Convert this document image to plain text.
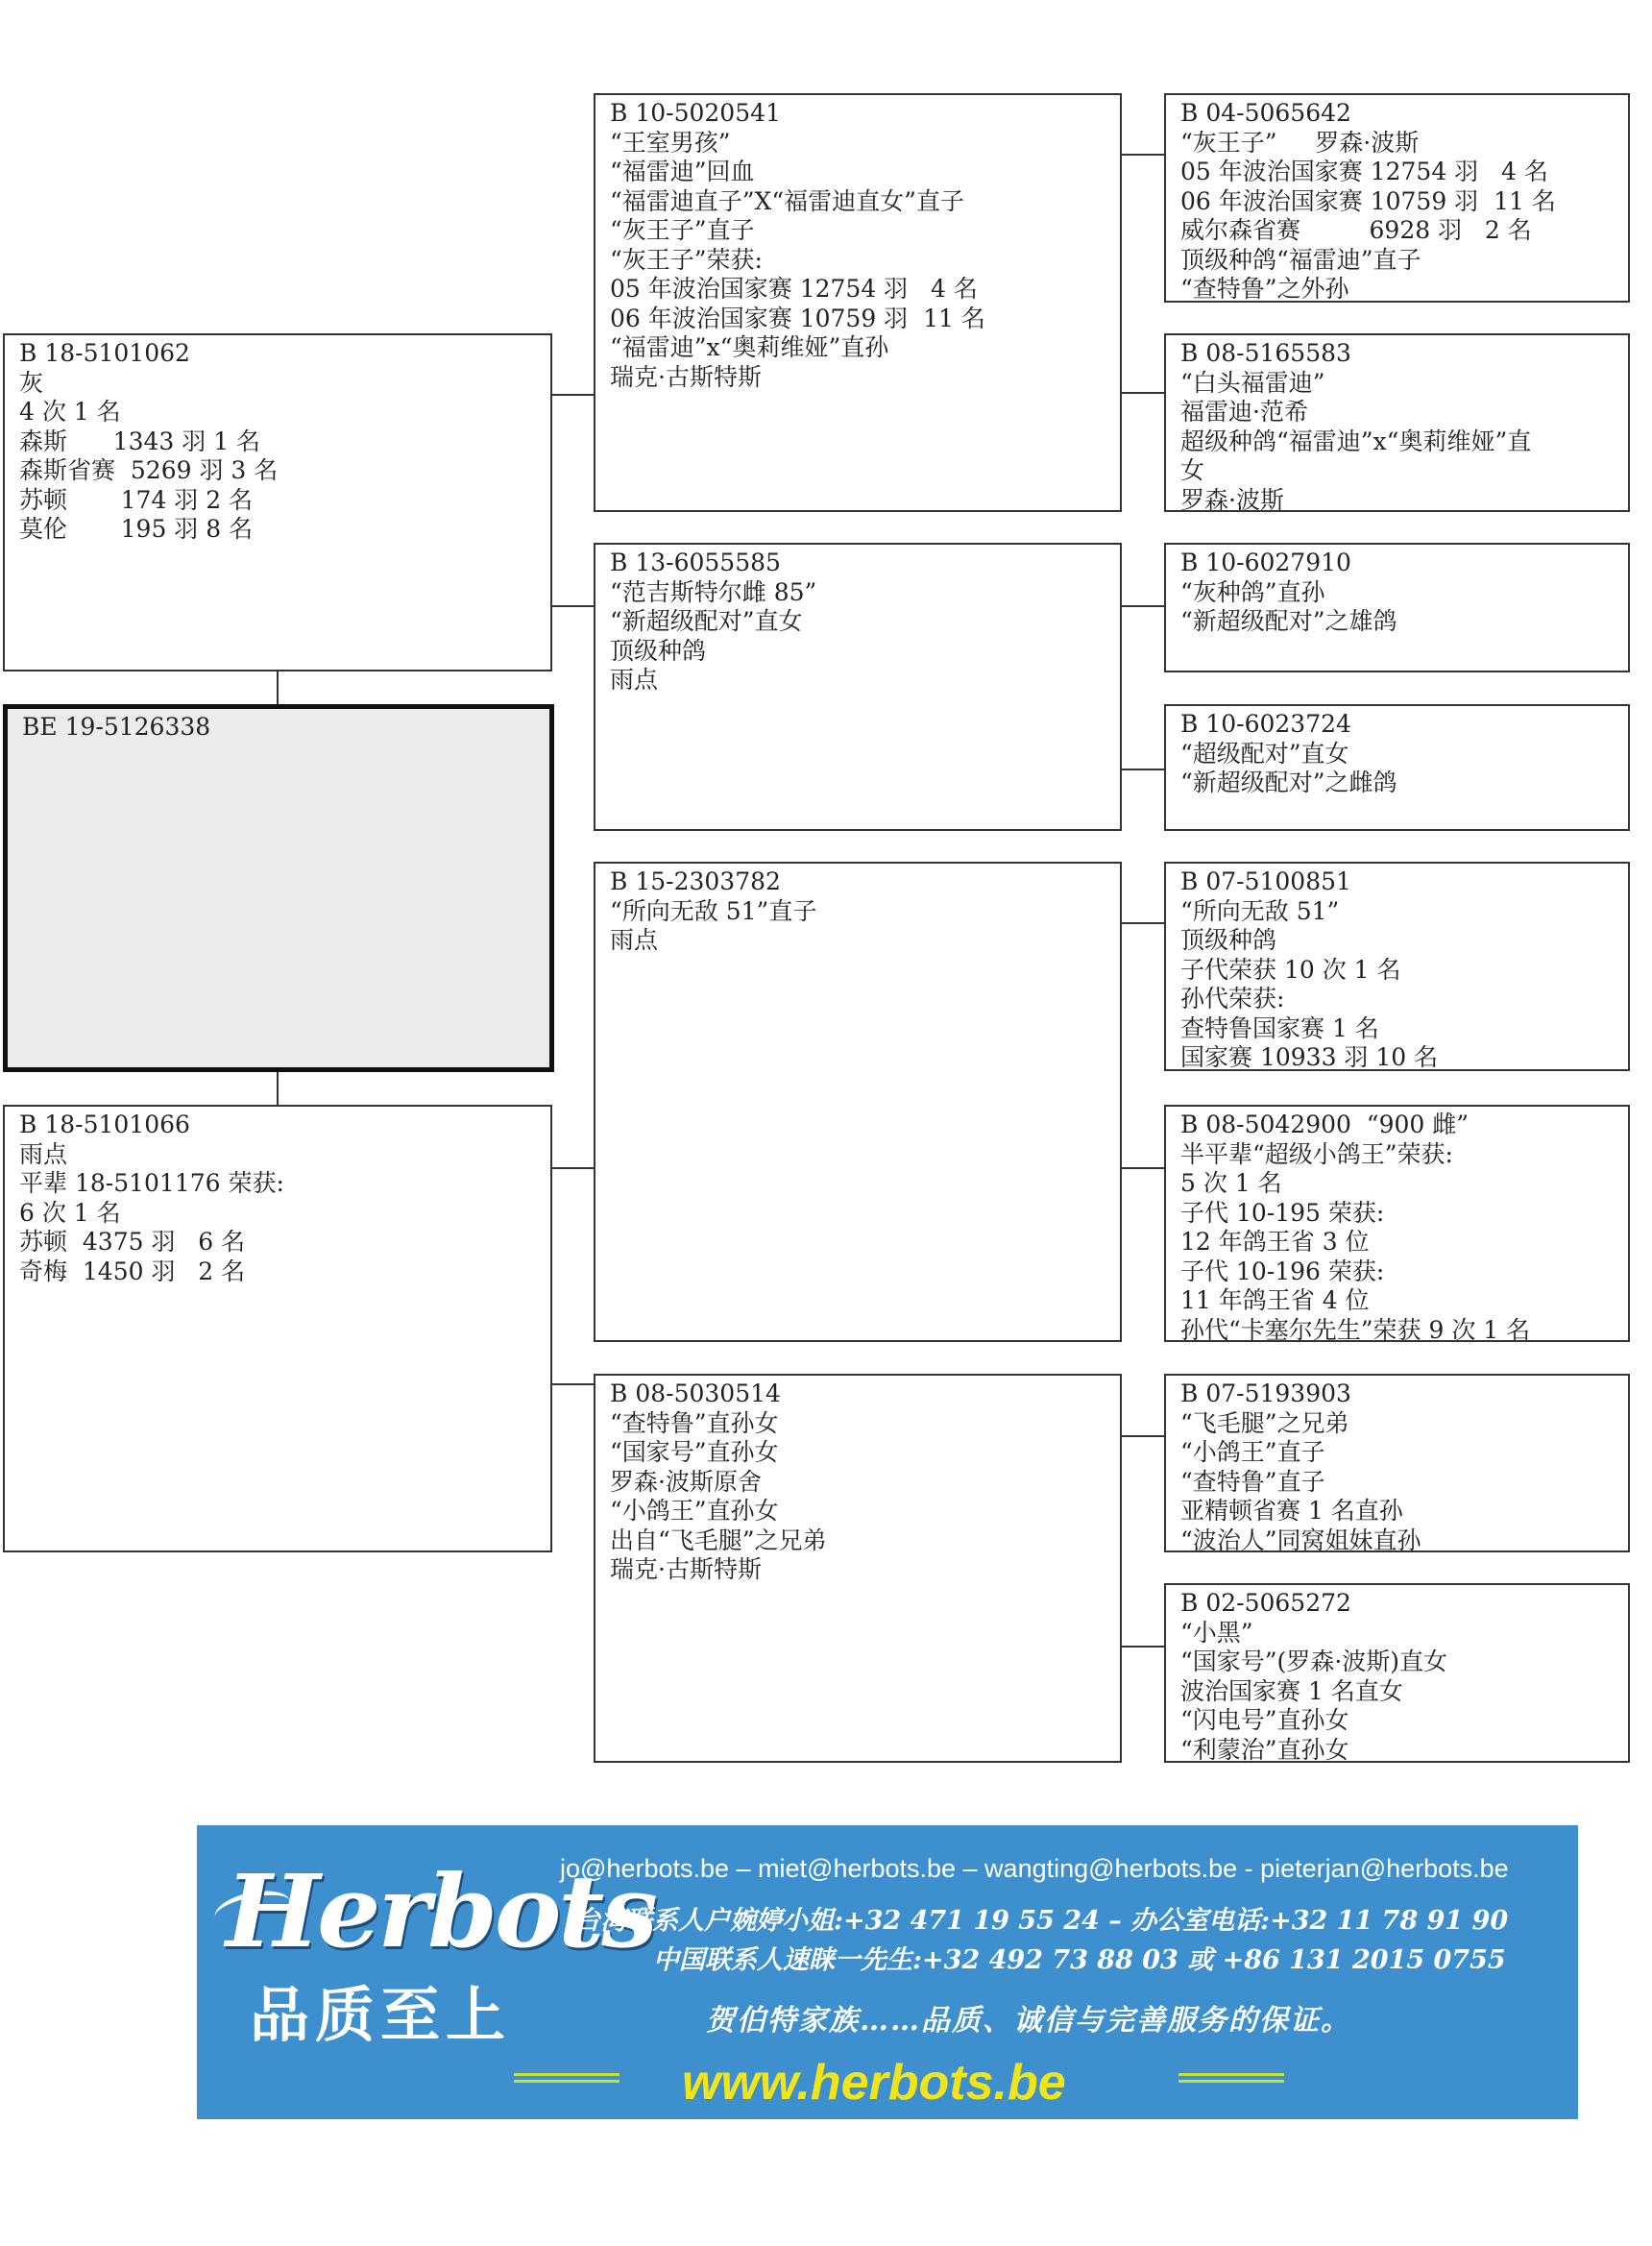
B 18-5101062
灰
4 次 1 名
森斯      1343 羽 1 名
森斯省赛  5269 羽 3 名
苏顿       174 羽 2 名
莫伦       195 羽 8 名
BE 19-5126338
B 18-5101066
雨点
平辈 18-5101176 荣获:
6 次 1 名
苏顿  4375 羽   6 名
奇梅  1450 羽   2 名
B 10-5020541
“王室男孩”
“福雷迪”回血
“福雷迪直子”X“福雷迪直女”直子
“灰王子”直子
“灰王子”荣获:
05 年波治国家赛 12754 羽   4 名
06 年波治国家赛 10759 羽  11 名
“福雷迪”x“奥莉维娅”直孙
瑞克·古斯特斯
B 13-6055585
“范吉斯特尔雌 85”
“新超级配对”直女
顶级种鸽
雨点
B 15-2303782
“所向无敌 51”直子
雨点
B 08-5030514
“查特鲁”直孙女
“国家号”直孙女
罗森·波斯原舍
“小鸽王”直孙女
出自“飞毛腿”之兄弟
瑞克·古斯特斯
B 04-5065642
“灰王子”     罗森·波斯
05 年波治国家赛 12754 羽   4 名
06 年波治国家赛 10759 羽  11 名
威尔森省赛         6928 羽   2 名
顶级种鸽“福雷迪”直子
“查特鲁”之外孙
B 08-5165583
“白头福雷迪”
福雷迪·范希
超级种鸽“福雷迪”x“奥莉维娅”直
女
罗森·波斯
B 10-6027910
“灰种鸽”直孙
“新超级配对”之雄鸽
B 10-6023724
“超级配对”直女
“新超级配对”之雌鸽
B 07-5100851
“所向无敌 51”
顶级种鸽
子代荣获 10 次 1 名
孙代荣获:
查特鲁国家赛 1 名
国家赛 10933 羽 10 名
B 08-5042900  “900 雌”
半平辈“超级小鸽王”荣获:
5 次 1 名
子代 10-195 荣获:
12 年鸽王省 3 位
子代 10-196 荣获:
11 年鸽王省 4 位
孙代“卡塞尔先生”荣获 9 次 1 名
B 07-5193903
“飞毛腿”之兄弟
“小鸽王”直子
“查特鲁”直子
亚精顿省赛 1 名直孙
“波治人”同窝姐妹直孙
B 02-5065272
“小黑”
“国家号”(罗森·波斯)直女
波治国家赛 1 名直女
“闪电号”直孙女
“利蒙治”直孙女
Herbots
品质至上
jo@herbots.be – miet@herbots.be – wangting@herbots.be - pieterjan@herbots.be
台湾联系人户婉婷小姐:+32 471 19 55 24 – 办公室电话:+32 11 78 91 90
中国联系人速睐一先生:+32 492 73 88 03 或 +86 131 2015 0755
贺伯特家族……品质、诚信与完善服务的保证。
www.herbots.be
